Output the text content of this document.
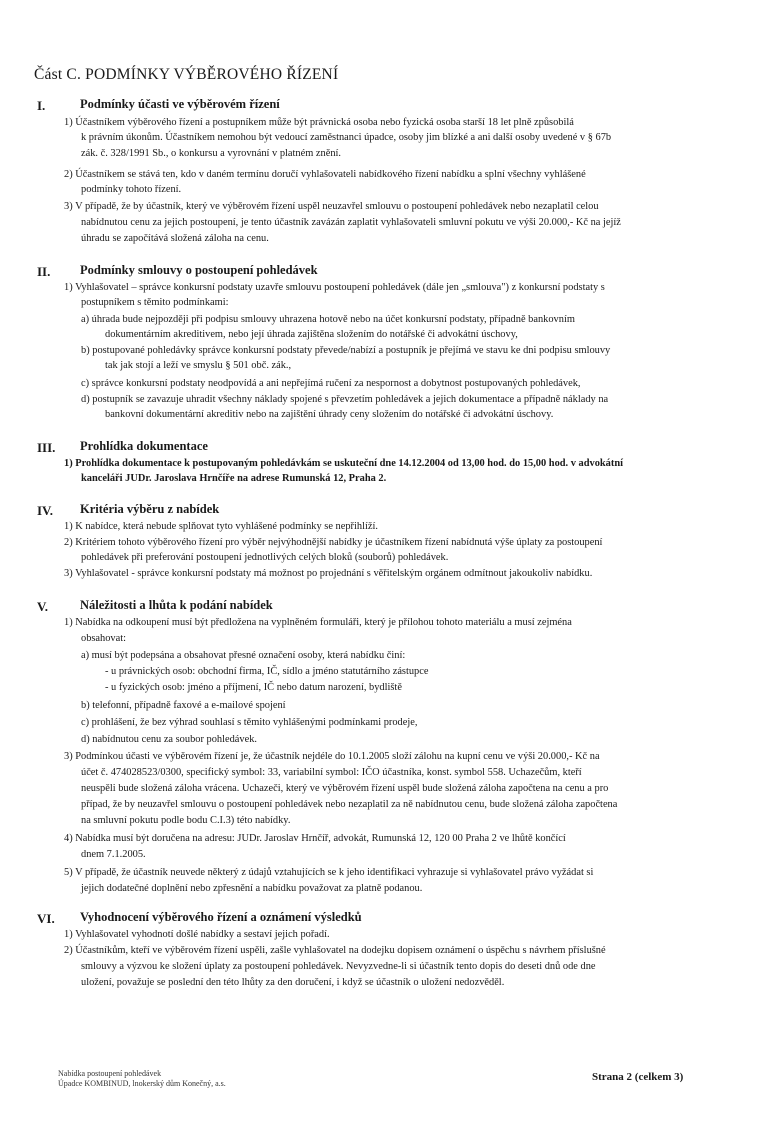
Část C. PODMÍNKY VÝBĚROVÉHO ŘÍZENÍ
I.	Podmínky účasti ve výběrovém řízení
1) Účastníkem výběrového řízení a postupníkem může být právnická osoba nebo fyzická osoba starší 18 let plně způsobilá
k právním úkonům. Účastníkem nemohou být vedoucí zaměstnanci úpadce, osoby jim blízké a ani další osoby uvedené v § 67b
zák. č. 328/1991 Sb., o konkursu a vyrovnání v platném znění.
2) Účastníkem se stává ten, kdo v daném termínu doručí vyhlašovateli nabídkového řízení nabídku a splní všechny vyhlášené
podmínky tohoto řízení.
3) V případě, že by účastník, který ve výběrovém řízení uspěl neuzavřel smlouvu o postoupení pohledávek nebo nezaplatil celou
nabídnutou cenu za jejich postoupení, je tento účastník zavázán zaplatit vyhlašovateli smluvní pokutu ve výši 20.000,- Kč na jejíž
úhradu se započítává složená záloha na cenu.
II. Podmínky smlouvy o postoupení pohledávek
1) Vyhlašovatel – správce konkursní podstaty uzavře smlouvu postoupení pohledávek (dále jen „smlouva") z konkursní podstaty s
postupníkem s těmito podmínkami:
a) úhrada bude nejpozději při podpisu smlouvy uhrazena hotově nebo na účet konkursní podstaty, případně bankovním
dokumentárním akreditivem, nebo její úhrada zajištěna složením do notářské či advokátní úschovy,
b) postupované pohledávky správce konkursní podstaty převede/nabízí a postupník je přejímá ve stavu ke dni podpisu smlouvy
tak jak stojí a leží ve smyslu § 501 obč. zák.,
c) správce konkursní podstaty neodpovídá a ani nepřejímá ručení za nespornost a dobytnost postupovaných pohledávek,
d) postupník se zavazuje uhradit všechny náklady spojené s převzetím pohledávek a jejich dokumentace a případně náklady na
bankovní dokumentární akreditiv nebo na zajištění úhrady ceny složením do notářské či advokátní úschovy.
III. Prohlídka dokumentace
1) Prohlídka dokumentace k postupovaným pohledávkám se uskuteční dne 14.12.2004 od 13,00 hod. do 15,00 hod. v advokátní
kanceláři JUDr. Jaroslava Hrnčíře na adrese Rumunská 12, Praha 2.
IV. Kritéria výběru z nabídek
1) K nabídce, která nebude splňovat tyto vyhlášené podmínky se nepřihlíží.
2) Kritériem tohoto výběrového řízení pro výběr nejvýhodnější nabídky je účastníkem řízení nabídnutá výše úplaty za postoupení
pohledávek při preferování postoupení jednotlivých celých bloků (souborů) pohledávek.
3) Vyhlašovatel - správce konkursní podstaty má možnost po projednání s věřitelským orgánem odmítnout jakoukoliv nabídku.
V.	Náležitosti a lhůta k podání nabídek
1) Nabídka na odkoupení musí být předložena na vyplněném formuláři, který je přílohou tohoto materiálu a musí zejména
obsahovat:
a) musí být podepsána a obsahovat přesné označení osoby, která nabídku činí:
- u právnických osob: obchodní firma, IČ, sídlo a jméno statutárního zástupce
- u fyzických osob: jméno a příjmení, IČ nebo datum narození, bydliště
b) telefonní, případně faxové a e-mailové spojení
c) prohlášení, že bez výhrad souhlasí s těmito vyhlášenými podmínkami prodeje,
d) nabídnutou cenu za soubor pohledávek.
3) Podmínkou účasti ve výběrovém řízení je, že účastník nejdéle do 10.1.2005 složí zálohu na kupní cenu ve výši 20.000,- Kč na
účet č. 474028523/0300, specifický symbol: 33, variabilní symbol: IČO účastníka, konst. symbol 558. Uchazečům, kteří
neuspěli bude složená záloha vrácena. Uchazeči, který ve výběrovém řízení uspěl bude složená záloha započtena na cenu a pro
případ, že by neuzavřel smlouvu o postoupení pohledávek nebo nezaplatil za ně nabídnutou cenu, bude složená záloha započtena
na smluvní pokutu podle bodu C.I.3) této nabídky.
4) Nabídka musí být doručena na adresu: JUDr. Jaroslav Hrnčíř, advokát, Rumunská 12, 120 00 Praha 2 ve lhůtě končící
dnem 7.1.2005.
5) V případě, že účastník neuvede některý z údajů vztahujících se k jeho identifikaci vyhrazuje si vyhlašovatel právo vyžádat si
jejich dodatečné doplnění nebo zpřesnění a nabídku považovat za platně podanou.
VI. Vyhodnocení výběrového řízení a oznámení výsledků
1) Vyhlašovatel vyhodnotí došlé nabídky a sestaví jejich pořadí.
2) Účastníkům, kteří ve výběrovém řízení uspěli, zašle vyhlašovatel na dodejku dopisem oznámení o úspěchu s návrhem příslušné
smlouvy a výzvou ke složení úplaty za postoupení pohledávek. Nevyzvedne-li si účastník tento dopis do deseti dnů ode dne
uložení, považuje se poslední den této lhůty za den doručení, i když se účastník o uložení nedozvěděl.
Nabídka postoupení pohledávek
Úpadce KOMBINUD, lnokerský dům Konečný, a.s.
Strana 2 (celkem 3)
